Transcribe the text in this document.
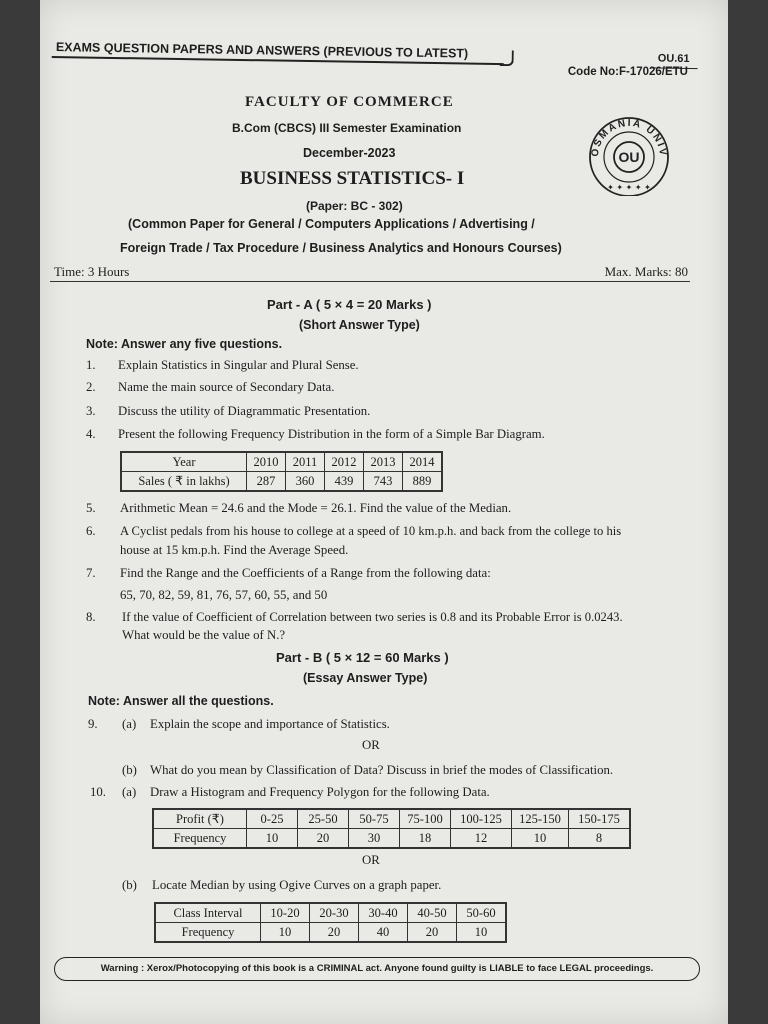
EXAMS QUESTION PAPERS AND ANSWERS (PREVIOUS TO LATEST)	OU.61
Code No:F-17026/ETU
FACULTY OF COMMERCE
B.Com (CBCS) III Semester Examination
December-2023
BUSINESS STATISTICS- I
(Paper: BC - 302)
(Common Paper for General / Computers Applications / Advertising /
Foreign Trade / Tax Procedure / Business Analytics and Honours Courses)
OSMANIA UNIV
OU
✦ ✦ ✦ ✦ ✦
Time: 3 Hours	Max. Marks: 80
Part - A ( 5 × 4 = 20 Marks )
(Short Answer Type)
Note: Answer any five questions.
1. Explain Statistics in Singular and Plural Sense.
2. Name the main source of Secondary Data.
3. Discuss the utility of Diagrammatic Presentation.
4. Present the following Frequency Distribution in the form of a Simple Bar Diagram.
Year	2010	2011	2012	2013	2014
Sales ( ₹ in lakhs)	287	360	439	743	889
5. Arithmetic Mean = 24.6 and the Mode = 26.1. Find the value of the Median.
6. A Cyclist pedals from his house to college at a speed of 10 km.p.h. and back from the college to his
house at 15 km.p.h. Find the Average Speed.
7. Find the Range and the Coefficients of a Range from the following data:
65, 70, 82, 59, 81, 76, 57, 60, 55, and 50
8. If the value of Coefficient of Correlation between two series is 0.8 and its Probable Error is 0.0243.
What would be the value of N.?
Part - B ( 5 × 12 = 60 Marks )
(Essay Answer Type)
Note: Answer all the questions.
9. (a) Explain the scope and importance of Statistics.
OR
(b) What do you mean by Classification of Data? Discuss in brief the modes of Classification.
10. (a) Draw a Histogram and Frequency Polygon for the following Data.
Profit (₹)	0-25	25-50	50-75	75-100	100-125	125-150	150-175
Frequency	10	20	30	18	12	10	8
OR
(b) Locate Median by using Ogive Curves on a graph paper.
Class Interval	10-20	20-30	30-40	40-50	50-60
Frequency	10	20	40	20	10
Warning : Xerox/Photocopying of this book is a CRIMINAL act. Anyone found guilty is LIABLE to face LEGAL proceedings.
